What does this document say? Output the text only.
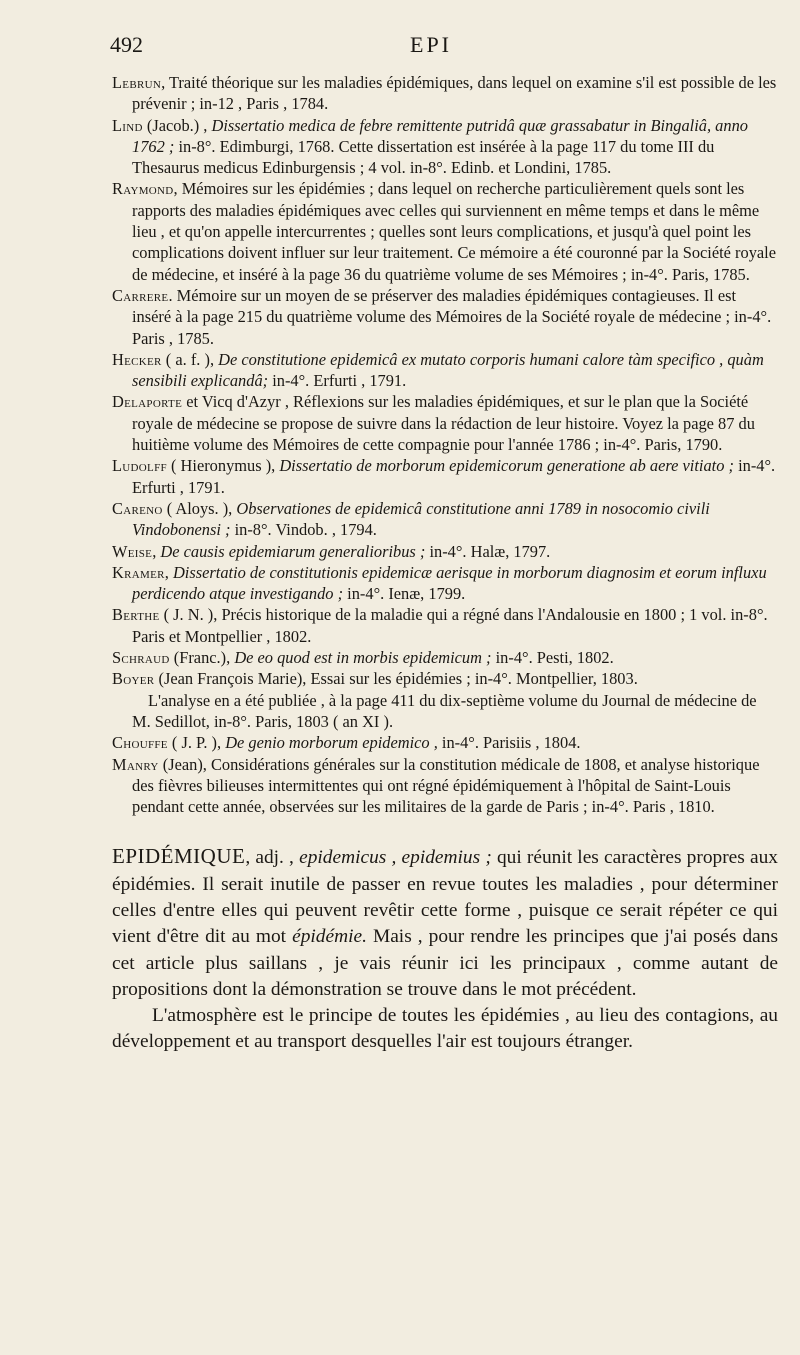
492	EPI

Lebrun, Traité théorique sur les maladies épidémiques, dans lequel on examine s'il est possible de les prévenir ; in-12 , Paris , 1784.

Lind (Jacob.) , Dissertatio medica de febre remittente putridâ quæ grassabatur in Bingaliâ, anno 1762 ; in-8°. Edimburgi, 1768. Cette dissertation est insérée à la page 117 du tome III du Thesaurus medicus Edinburgensis ; 4 vol. in-8°. Edinb. et Londini, 1785.

Raymond, Mémoires sur les épidémies ; dans lequel on recherche particulièrement quels sont les rapports des maladies épidémiques avec celles qui surviennent en même temps et dans le même lieu , et qu'on appelle intercurrentes ; quelles sont leurs complications, et jusqu'à quel point les complications doivent influer sur leur traitement. Ce mémoire a été couronné par la Société royale de médecine, et inséré à la page 36 du quatrième volume de ses Mémoires ; in-4°. Paris, 1785.

Carrere. Mémoire sur un moyen de se préserver des maladies épidémiques contagieuses. Il est inséré à la page 215 du quatrième volume des Mémoires de la Société royale de médecine ; in-4°. Paris , 1785.

Hecker ( a. f. ), De constitutione epidemicâ ex mutato corporis humani calore tàm specifico , quàm sensibili explicandâ; in-4°. Erfurti , 1791.

Delaporte et Vicq d'Azyr , Réflexions sur les maladies épidémiques, et sur le plan que la Société royale de médecine se propose de suivre dans la rédaction de leur histoire. Voyez la page 87 du huitième volume des Mémoires de cette compagnie pour l'année 1786 ; in-4°. Paris, 1790.

Ludolff ( Hieronymus ), Dissertatio de morborum epidemicorum generatione ab aere vitiato ; in-4°. Erfurti , 1791.

Careno ( Aloys. ), Observationes de epidemicâ constitutione anni 1789 in nosocomio civili Vindobonensi ; in-8°. Vindob. , 1794.

Weise, De causis epidemiarum generalioribus ; in-4°. Halæ, 1797.

Kramer, Dissertatio de constitutionis epidemicæ aerisque in morborum diagnosim et eorum influxu perdicendo atque investigando ; in-4°. Ienæ, 1799.

Berthe ( J. N. ), Précis historique de la maladie qui a régné dans l'Andalousie en 1800 ; 1 vol. in-8°. Paris et Montpellier , 1802.

Schraud (Franc.), De eo quod est in morbis epidemicum ; in-4°. Pesti, 1802.

Boyer (Jean François Marie), Essai sur les épidémies ; in-4°. Montpellier, 1803.

L'analyse en a été publiée , à la page 411 du dix-septième volume du Journal de médecine de M. Sedillot, in-8°. Paris, 1803 ( an XI ).

Chouffe ( J. P. ), De genio morborum epidemico , in-4°. Parisiis , 1804.

Manry (Jean), Considérations générales sur la constitution médicale de 1808, et analyse historique des fièvres bilieuses intermittentes qui ont régné épidémiquement à l'hôpital de Saint-Louis pendant cette année, observées sur les militaires de la garde de Paris ; in-4°. Paris , 1810.

EPIDÉMIQUE, adj. , epidemicus , epidemius ; qui réunit les caractères propres aux épidémies. Il serait inutile de passer en revue toutes les maladies , pour déterminer celles d'entre elles qui peuvent revêtir cette forme , puisque ce serait répéter ce qui vient d'être dit au mot épidémie. Mais , pour rendre les principes que j'ai posés dans cet article plus saillans , je vais réunir ici les principaux , comme autant de propositions dont la démonstration se trouve dans le mot précédent.

L'atmosphère est le principe de toutes les épidémies , au lieu des contagions, au développement et au transport desquelles l'air est toujours étranger.
